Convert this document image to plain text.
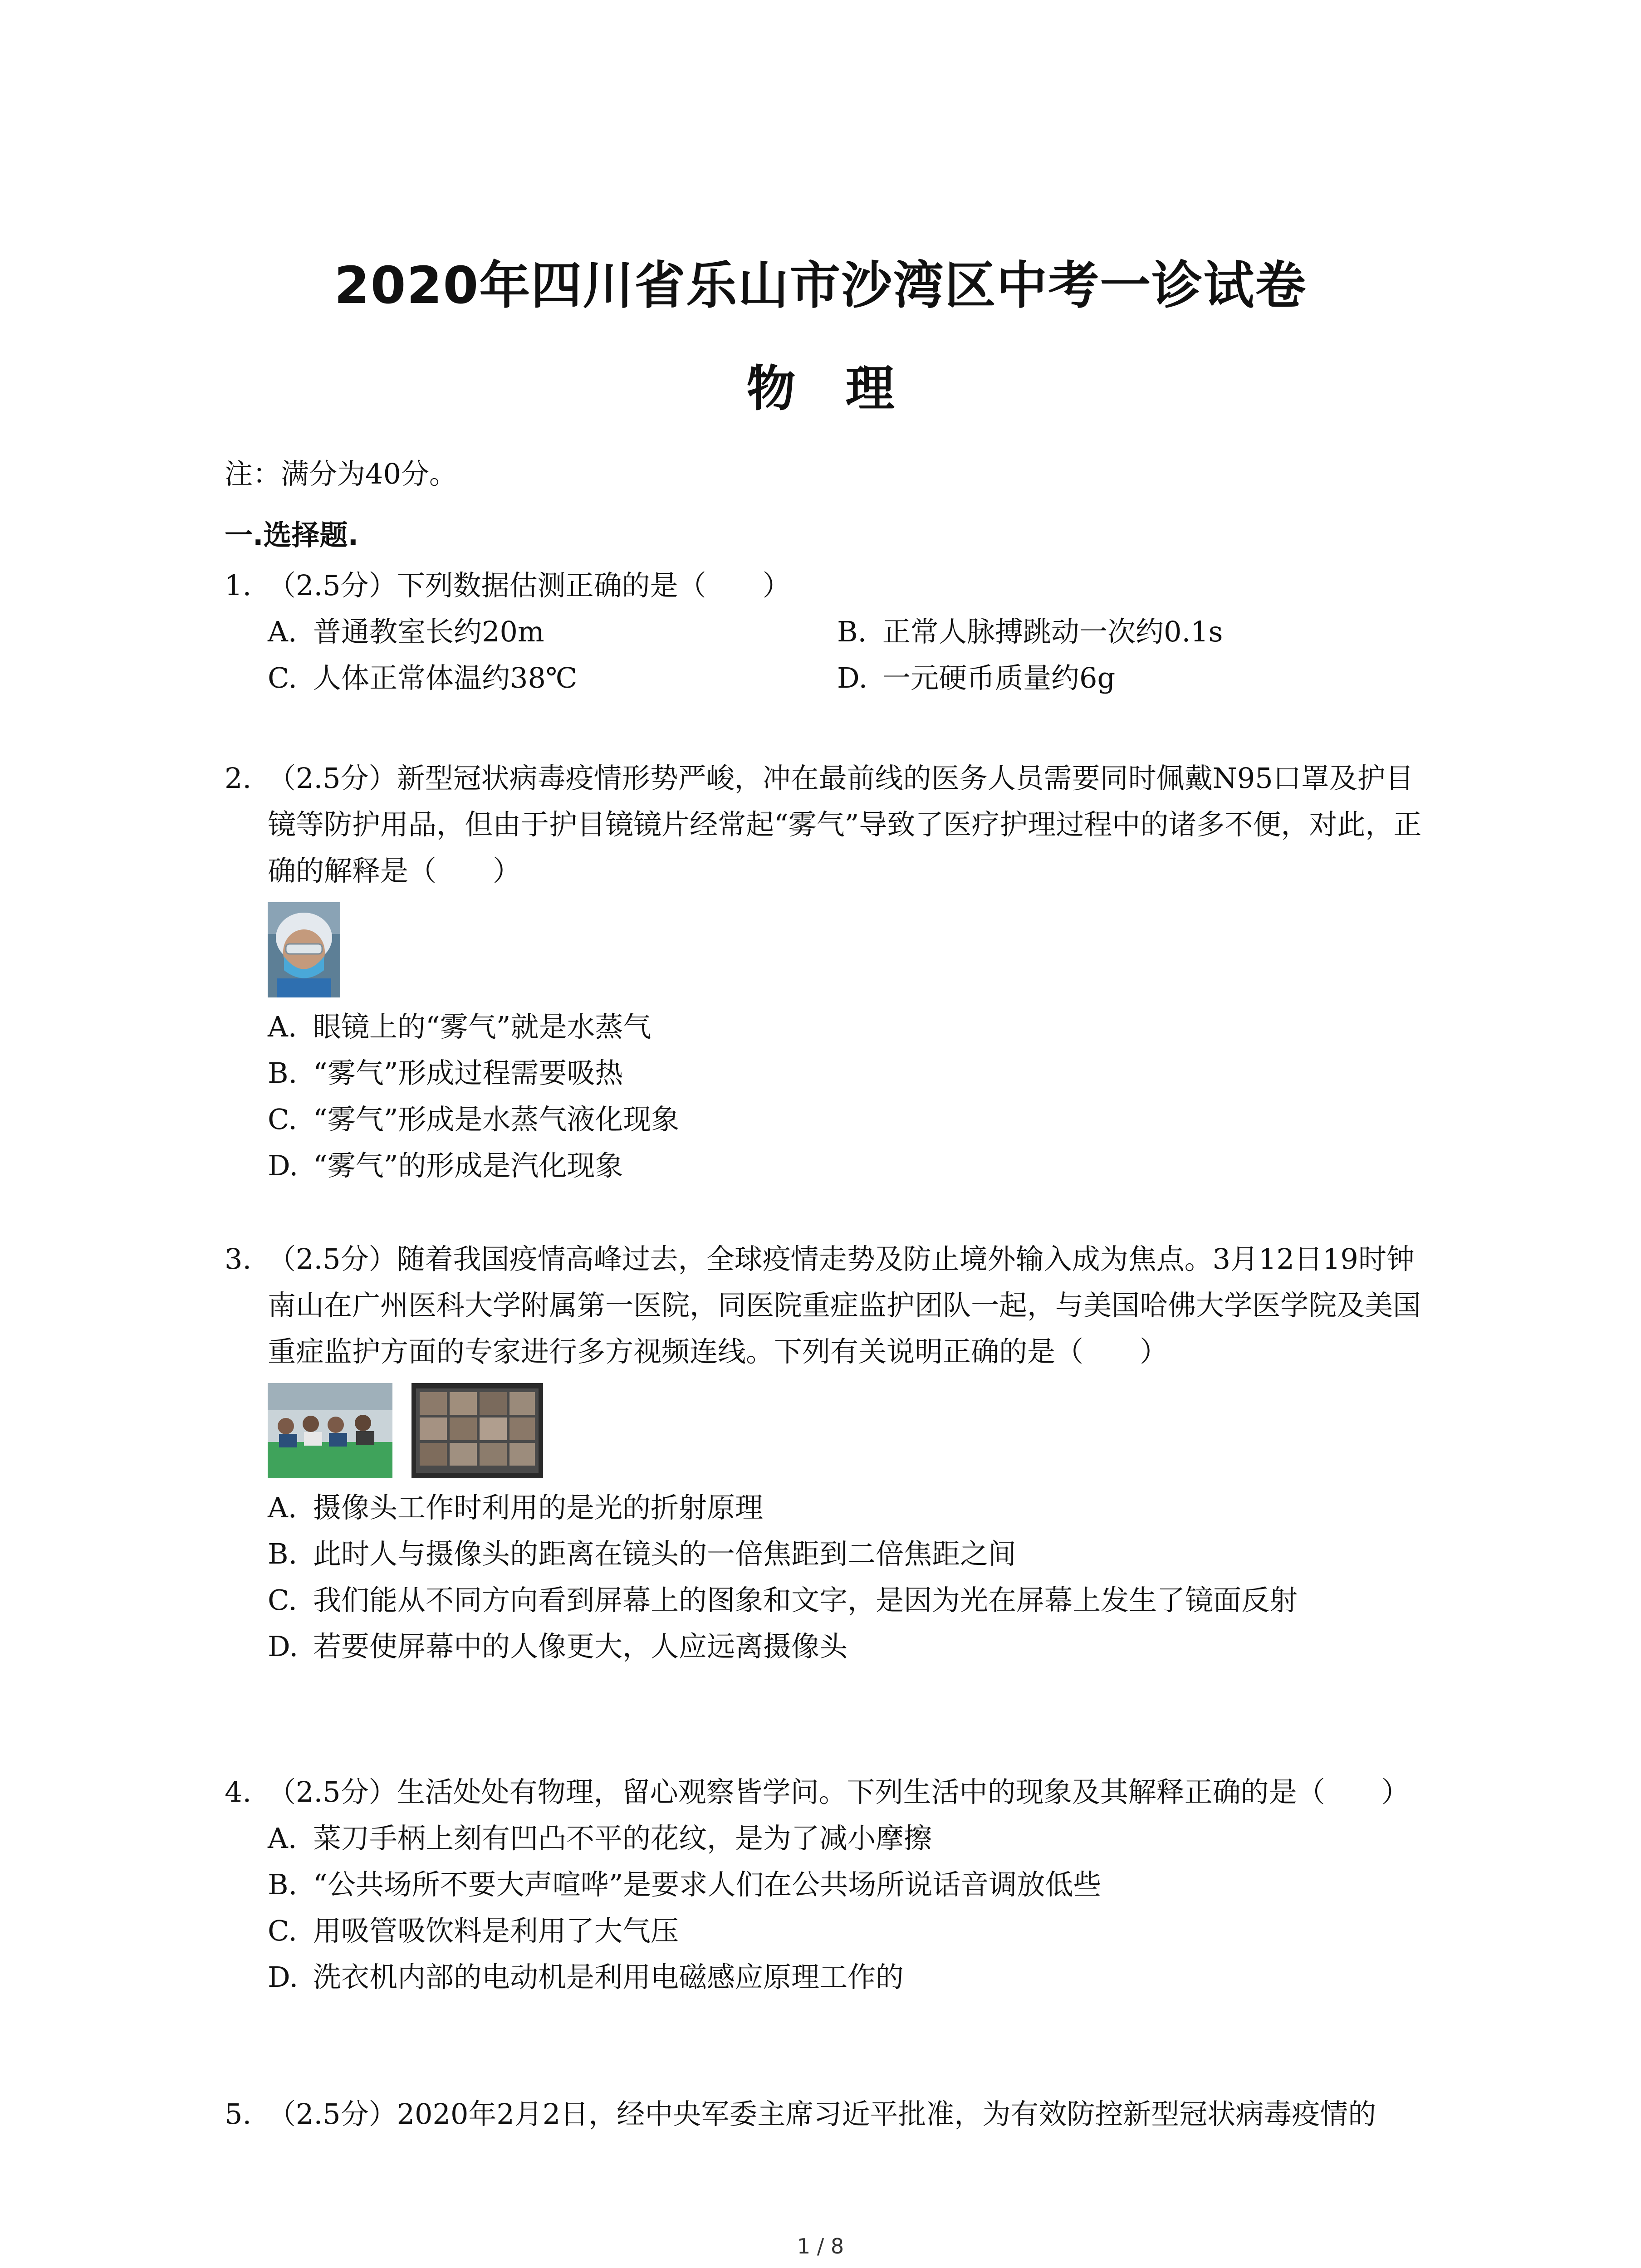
2020年四川省乐山市沙湾区中考一诊试卷
物理
注：满分为40分。
一.选择题.
1. （2.5分）下列数据估测正确的是（　　）
A. 普通教室长约20m	B. 正常人脉搏跳动一次约0.1s
C. 人体正常体温约38℃	D. 一元硬币质量约6g
2. （2.5分）新型冠状病毒疫情形势严峻，冲在最前线的医务人员需要同时佩戴N95口罩及护目镜等防护用品，但由于护目镜镜片经常起“雾气”导致了医疗护理过程中的诸多不便，对此，正确的解释是（　　）
A. 眼镜上的“雾气”就是水蒸气
B. “雾气”形成过程需要吸热
C. “雾气”形成是水蒸气液化现象
D. “雾气”的形成是汽化现象
3. （2.5分）随着我国疫情高峰过去，全球疫情走势及防止境外输入成为焦点。3月12日19时钟南山在广州医科大学附属第一医院，同医院重症监护团队一起，与美国哈佛大学医学院及美国重症监护方面的专家进行多方视频连线。下列有关说明正确的是（　　）

A. 摄像头工作时利用的是光的折射原理
B. 此时人与摄像头的距离在镜头的一倍焦距到二倍焦距之间
C. 我们能从不同方向看到屏幕上的图象和文字，是因为光在屏幕上发生了镜面反射
D. 若要使屏幕中的人像更大，人应远离摄像头
4. （2.5分）生活处处有物理，留心观察皆学问。下列生活中的现象及其解释正确的是（　　）
A. 菜刀手柄上刻有凹凸不平的花纹，是为了减小摩擦
B. “公共场所不要大声喧哗”是要求人们在公共场所说话音调放低些
C. 用吸管吸饮料是利用了大气压
D. 洗衣机内部的电动机是利用电磁感应原理工作的
5. （2.5分）2020年2月2日，经中央军委主席习近平批准，为有效防控新型冠状病毒疫情的
1 / 8
